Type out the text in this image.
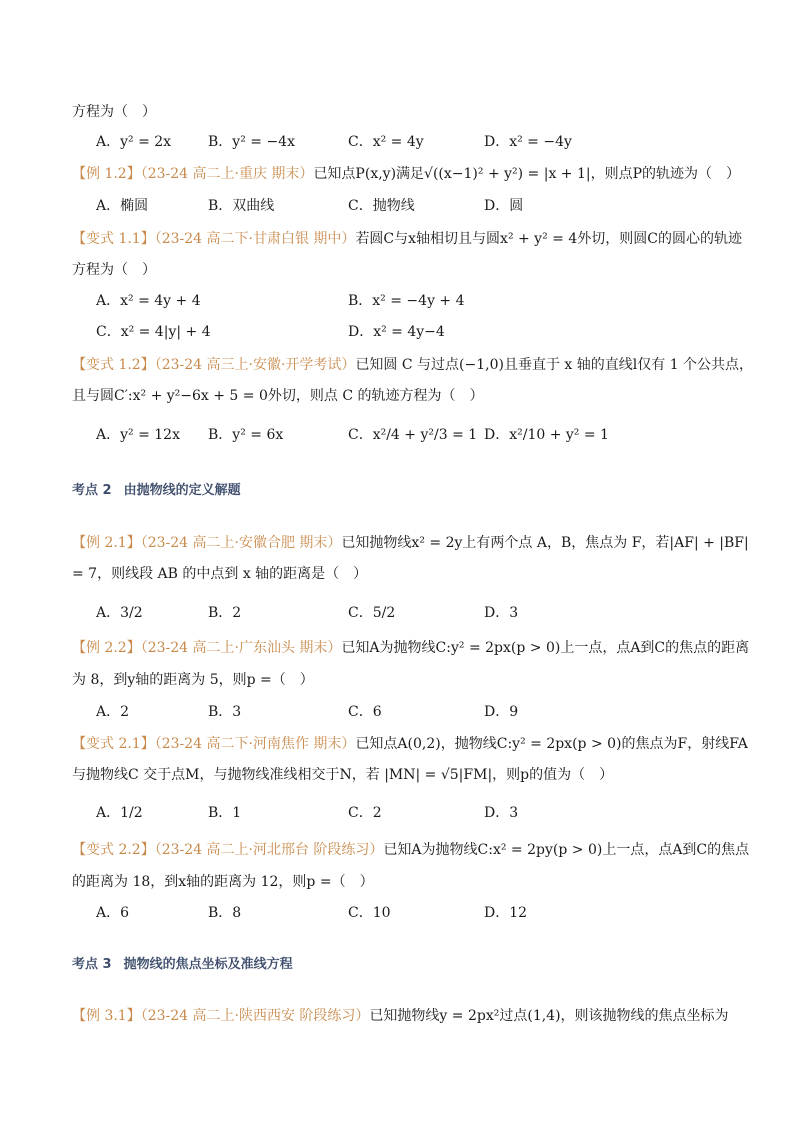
方程为（　）
A．y² = 2x	B．y² = −4x	C．x² = 4y	D．x² = −4y
【例 1.2】（23-24 高二上·重庆 期末）已知点P(x,y)满足√((x−1)² + y²) = |x + 1|，则点P的轨迹为（　）
A．椭圆	B．双曲线	C．抛物线	D．圆
【变式 1.1】（23-24 高二下·甘肃白银 期中）若圆C与x轴相切且与圆x² + y² = 4外切，则圆C的圆心的轨迹
方程为（　）
A．x² = 4y + 4	B．x² = −4y + 4
C．x² = 4|y| + 4	D．x² = 4y−4
【变式 1.2】（23-24 高三上·安徽·开学考试）已知圆 C 与过点(−1,0)且垂直于 x 轴的直线l仅有 1 个公共点，
且与圆C′:x² + y²−6x + 5 = 0外切，则点 C 的轨迹方程为（　）
A．y² = 12x B．y² = 6x	C．x²/4 + y²/3 = 1 D．x²/10 + y² = 1
考点 2 由抛物线的定义解题
【例 2.1】（23-24 高二上·安徽合肥 期末）已知抛物线x² = 2y上有两个点 A，B，焦点为 F，若|AF| + |BF|
= 7，则线段 AB 的中点到 x 轴的距离是（　）
A．3/2	B．2	C．5/2	D．3
【例 2.2】（23-24 高二上·广东汕头 期末）已知A为抛物线C:y² = 2px(p > 0)上一点，点A到C的焦点的距离
为 8，到y轴的距离为 5，则p =（　）
A．2	B．3	C．6	D．9
【变式 2.1】（23-24 高二下·河南焦作 期末）已知点A(0,2)，抛物线C:y² = 2px(p > 0)的焦点为F，射线FA
与抛物线C 交于点M，与抛物线准线相交于N，若 |MN| = √5|FM|，则p的值为（　）
A．1/2	B．1	C．2	D．3
【变式 2.2】（23-24 高二上·河北邢台 阶段练习）已知A为抛物线C:x² = 2py(p > 0)上一点，点A到C的焦点
的距离为 18，到x轴的距离为 12，则p =（　）
A．6	B．8	C．10	D．12
考点 3 抛物线的焦点坐标及准线方程
【例 3.1】（23-24 高二上·陕西西安 阶段练习）已知抛物线y = 2px²过点(1,4)，则该抛物线的焦点坐标为
